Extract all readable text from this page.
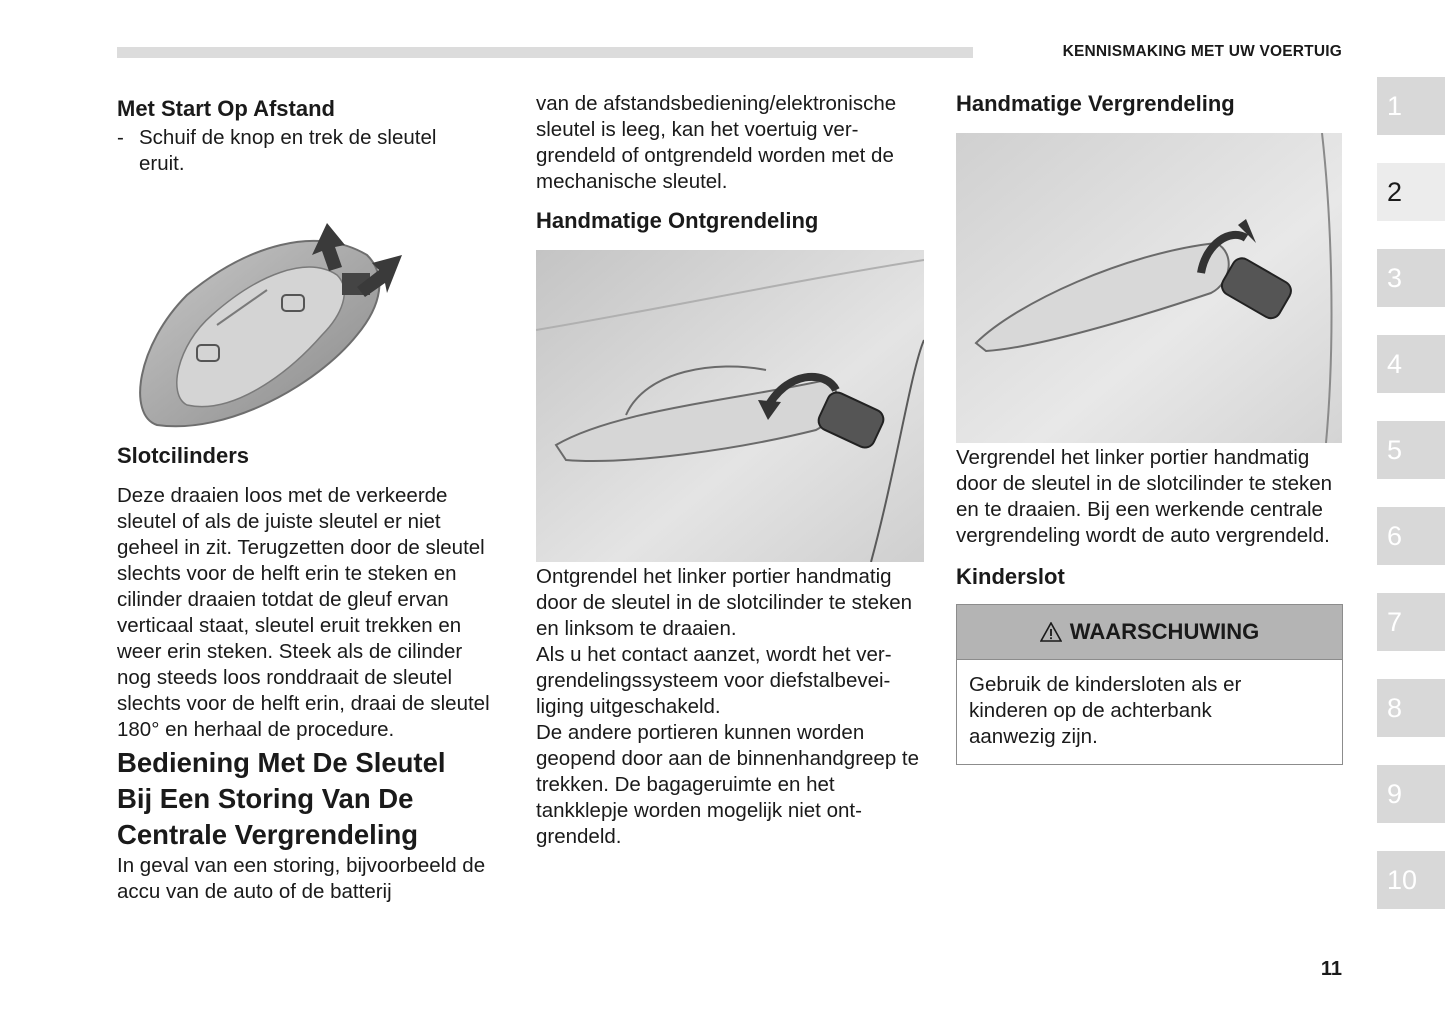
KENNISMAKING MET UW VOERTUIG
Met Start Op Afstand
- Schuif de knop en trek de sleutel eruit.
Slotcilinders

Deze draaien loos met de verkeerde sleutel of als de juiste sleutel er niet geheel in zit. Terugzetten door de sleutel slechts voor de helft erin te steken en cilinder draaien totdat de gleuf ervan verticaal staat, sleutel eruit trekken en weer erin steken. Steek als de cilinder nog steeds loos ronddraait de sleutel slechts voor de helft erin, draai de sleutel 180° en herhaal de procedure.

Bediening Met De Sleutel Bij Een Storing Van De Centrale Vergrendeling

In geval van een storing, bijvoorbeeld de accu van de auto of de batterij

van de afstandsbediening/elektronische sleutel is leeg, kan het voertuig ver-grendeld of ontgrendeld worden met de mechanische sleutel.

Handmatige Ontgrendeling

Ontgrendel het linker portier handmatig door de sleutel in de slotcilinder te steken en linksom te draaien.

Als u het contact aanzet, wordt het ver-grendelingssysteem voor diefstalbevei-liging uitgeschakeld.

De andere portieren kunnen worden geopend door aan de binnenhandgreep te trekken. De bagageruimte en het tankklepje worden mogelijk niet ont-grendeld.

Handmatige Vergrendeling

Vergrendel het linker portier handmatig door de sleutel in de slotcilinder te steken en te draaien. Bij een werkende centrale vergrendeling wordt de auto vergrendeld.

Kinderslot
WAARSCHUWING
Gebruik de kindersloten als er kinderen op de achterbank aanwezig zijn.
1
2
3
4
5
6
7
8
9
10
11
